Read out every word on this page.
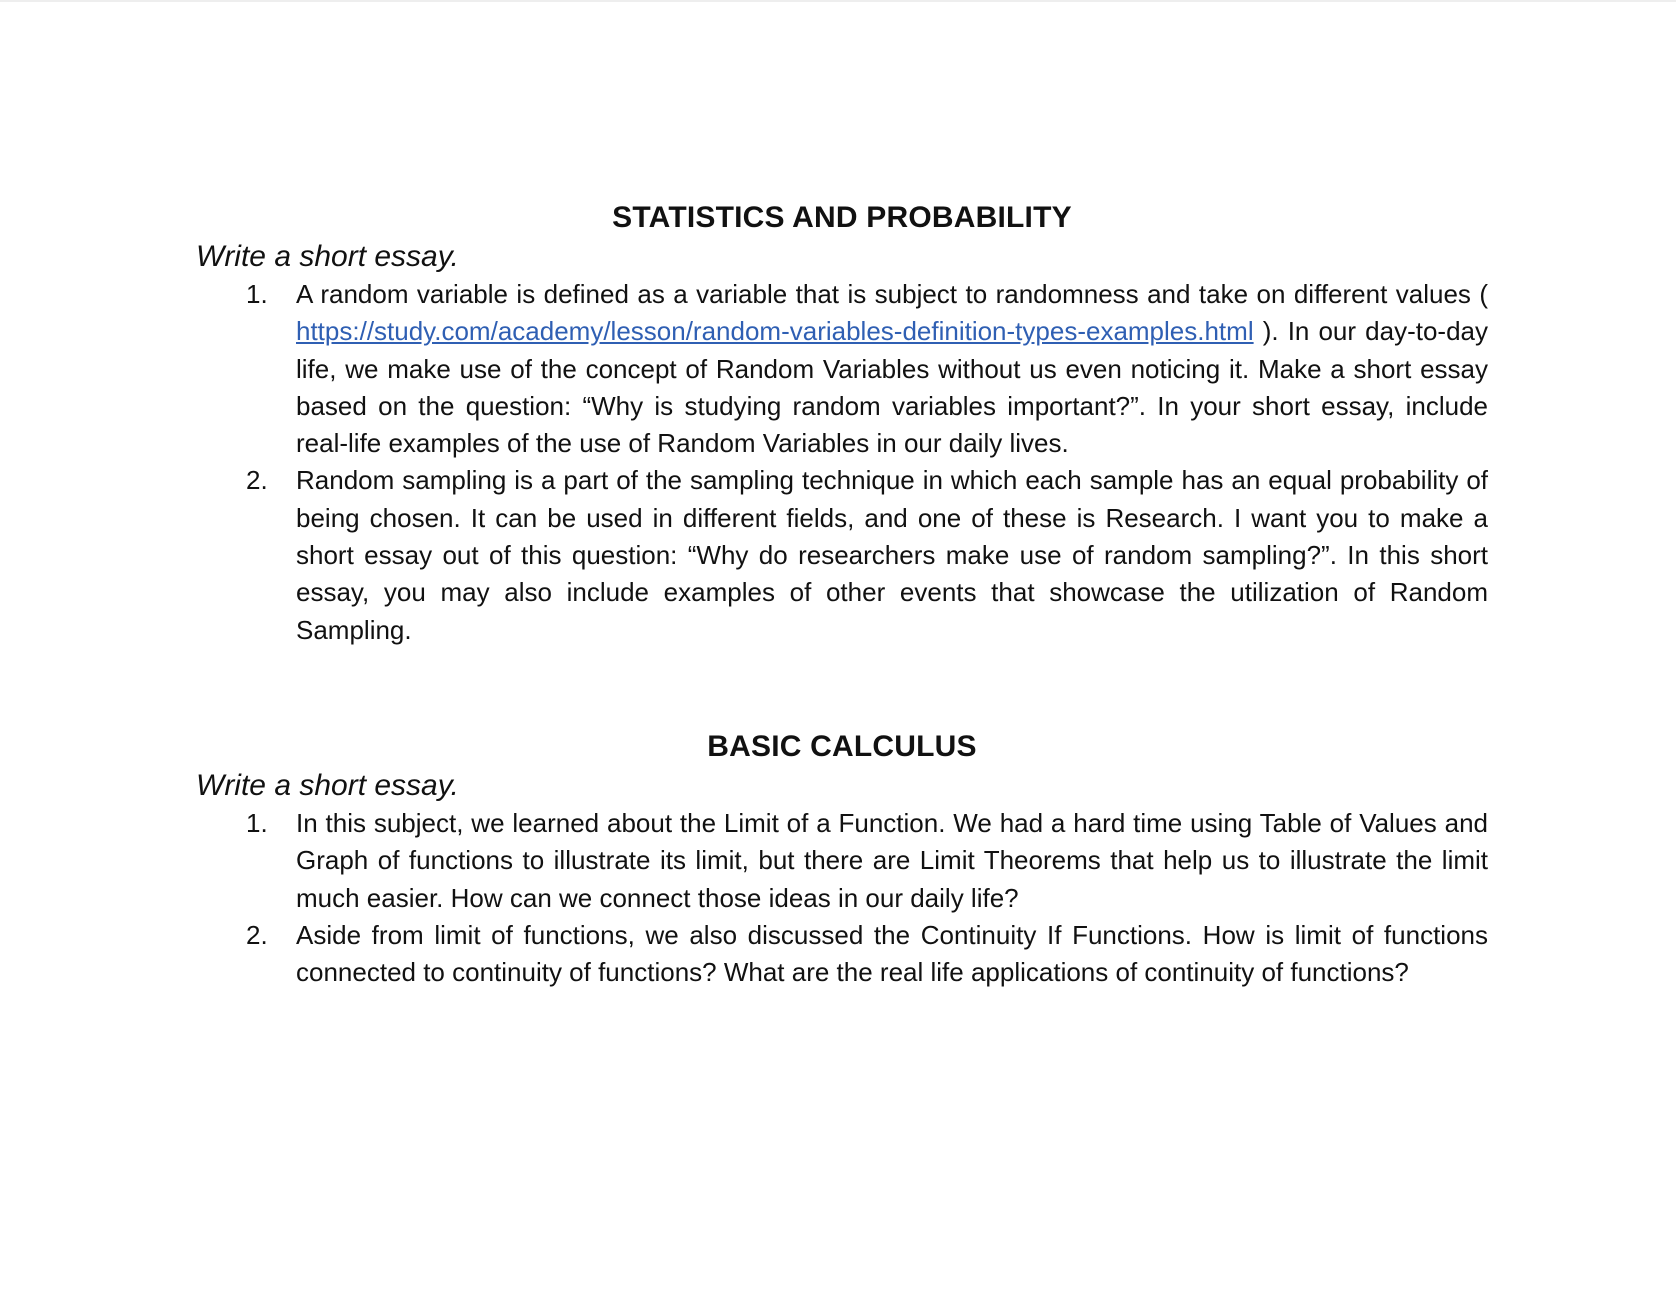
STATISTICS AND PROBABILITY

Write a short essay.

1. A random variable is defined as a variable that is subject to randomness and take on different values ( https://study.com/academy/lesson/random-variables-definition-types-examples.html ). In our day-to-day life, we make use of the concept of Random Variables without us even noticing it. Make a short essay based on the question: “Why is studying random variables important?”. In your short essay, include real-life examples of the use of Random Variables in our daily lives.
2. Random sampling is a part of the sampling technique in which each sample has an equal probability of being chosen. It can be used in different fields, and one of these is Research. I want you to make a short essay out of this question: “Why do researchers make use of random sampling?”. In this short essay, you may also include examples of other events that showcase the utilization of Random Sampling.
BASIC CALCULUS

Write a short essay.

1. In this subject, we learned about the Limit of a Function. We had a hard time using Table of Values and Graph of functions to illustrate its limit, but there are Limit Theorems that help us to illustrate the limit much easier. How can we connect those ideas in our daily life?
2. Aside from limit of functions, we also discussed the Continuity If Functions. How is limit of functions connected to continuity of functions? What are the real life applications of continuity of functions?
